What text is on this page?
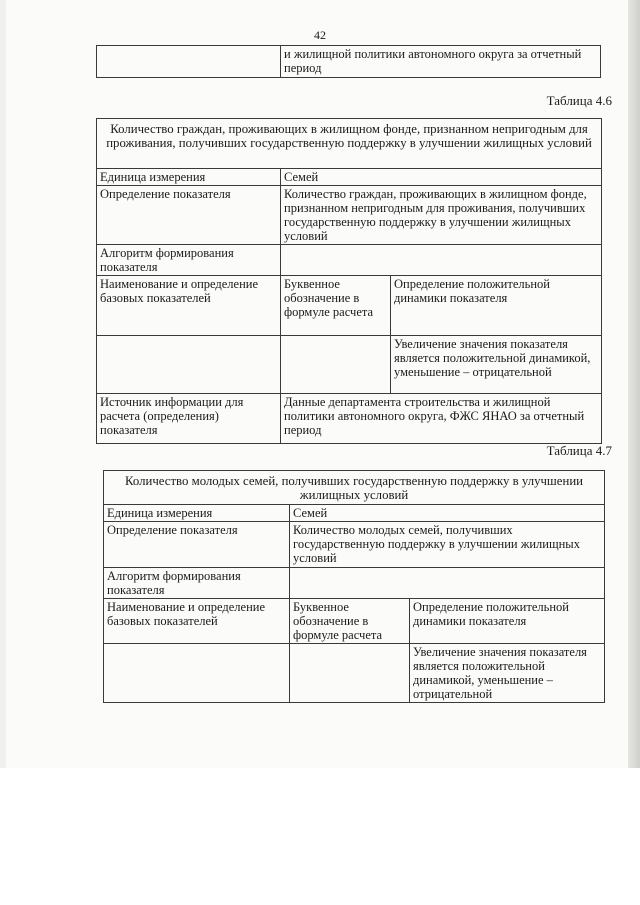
42
	и жилищной политики автономного округа за отчетный период
Таблица 4.6
Количество граждан, проживающих в жилищном фонде, признанном непригодным для проживания, получивших государственную поддержку в улучшении жилищных условий		
Единица измерения	Семей	
Определение показателя	Количество граждан, проживающих в жилищном фонде, признанном непригодным для проживания, получивших государственную поддержку в улучшении жилищных условий	
Алгоритм формирования показателя		
Наименование и определение базовых показателей	Буквенное обозначение в формуле расчета	Определение положительной динамики показателя
		Увеличение значения показателя является положительной динамикой, уменьшение – отрицательной
Источник информации для расчета (определения) показателя	Данные департамента строительства и жилищной политики автономного округа, ФЖС ЯНАО за отчетный период	
Таблица 4.7
Количество молодых семей, получивших государственную поддержку в улучшении жилищных условий		
Единица измерения	Семей	
Определение показателя	Количество молодых семей, получивших государственную поддержку в улучшении жилищных условий	
Алгоритм формирования показателя		
Наименование и определение базовых показателей	Буквенное обозначение в формуле расчета	Определение положительной динамики показателя
		Увеличение значения показателя является положительной динамикой, уменьшение – отрицательной
